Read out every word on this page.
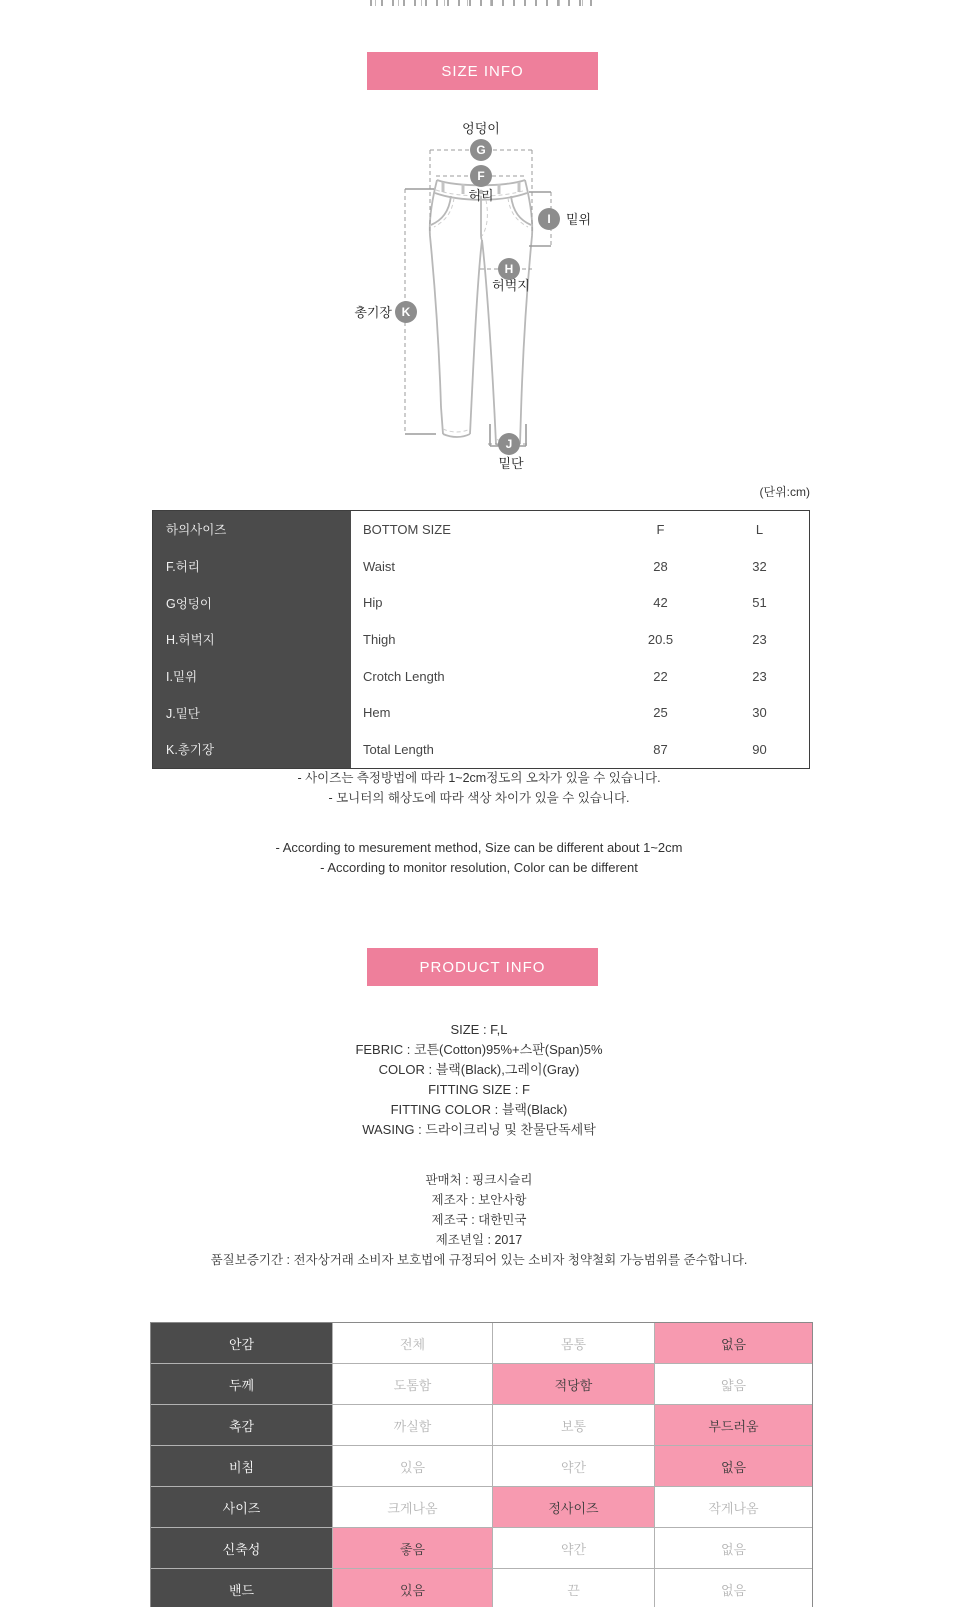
SIZE INFO
G
F
I
H
K
J
엉덩이
허리
밑위
허벅지
총기장
밑단
(단위:cm)
하의사이즈	BOTTOM SIZE	F	L
F.허리	Waist	28	32
G엉덩이	Hip	42	51
H.허벅지	Thigh	20.5	23
I.밑위	Crotch Length	22	23
J.밑단	Hem	25	30
K.총기장	Total Length	87	90
- 사이즈는 측정방법에 따라 1~2cm정도의 오차가 있을 수 있습니다.
- 모니터의 해상도에 따라 색상 차이가 있을 수 있습니다.
- According to mesurement method, Size can be different about 1~2cm
- According to monitor resolution, Color can be different
PRODUCT INFO
SIZE : F,L
FEBRIC : 코튼(Cotton)95%+스판(Span)5%
COLOR : 블랙(Black),그레이(Gray)
FITTING SIZE : F
FITTING COLOR : 블랙(Black)
WASING : 드라이크리닝 및 찬물단독세탁
판매처 : 핑크시슬리
제조자 : 보안사항
제조국 : 대한민국
제조년일 : 2017
품질보증기간 : 전자상거래 소비자 보호법에 규정되어 있는 소비자 청약철회 가능범위를 준수합니다.
안감	전체	몸통	없음
두께	도톰함	적당함	얇음
촉감	까실함	보통	부드러움
비침	있음	약간	없음
사이즈	크게나옴	정사이즈	작게나옴
신축성	좋음	약간	없음
밴드	있음	끈	없음
